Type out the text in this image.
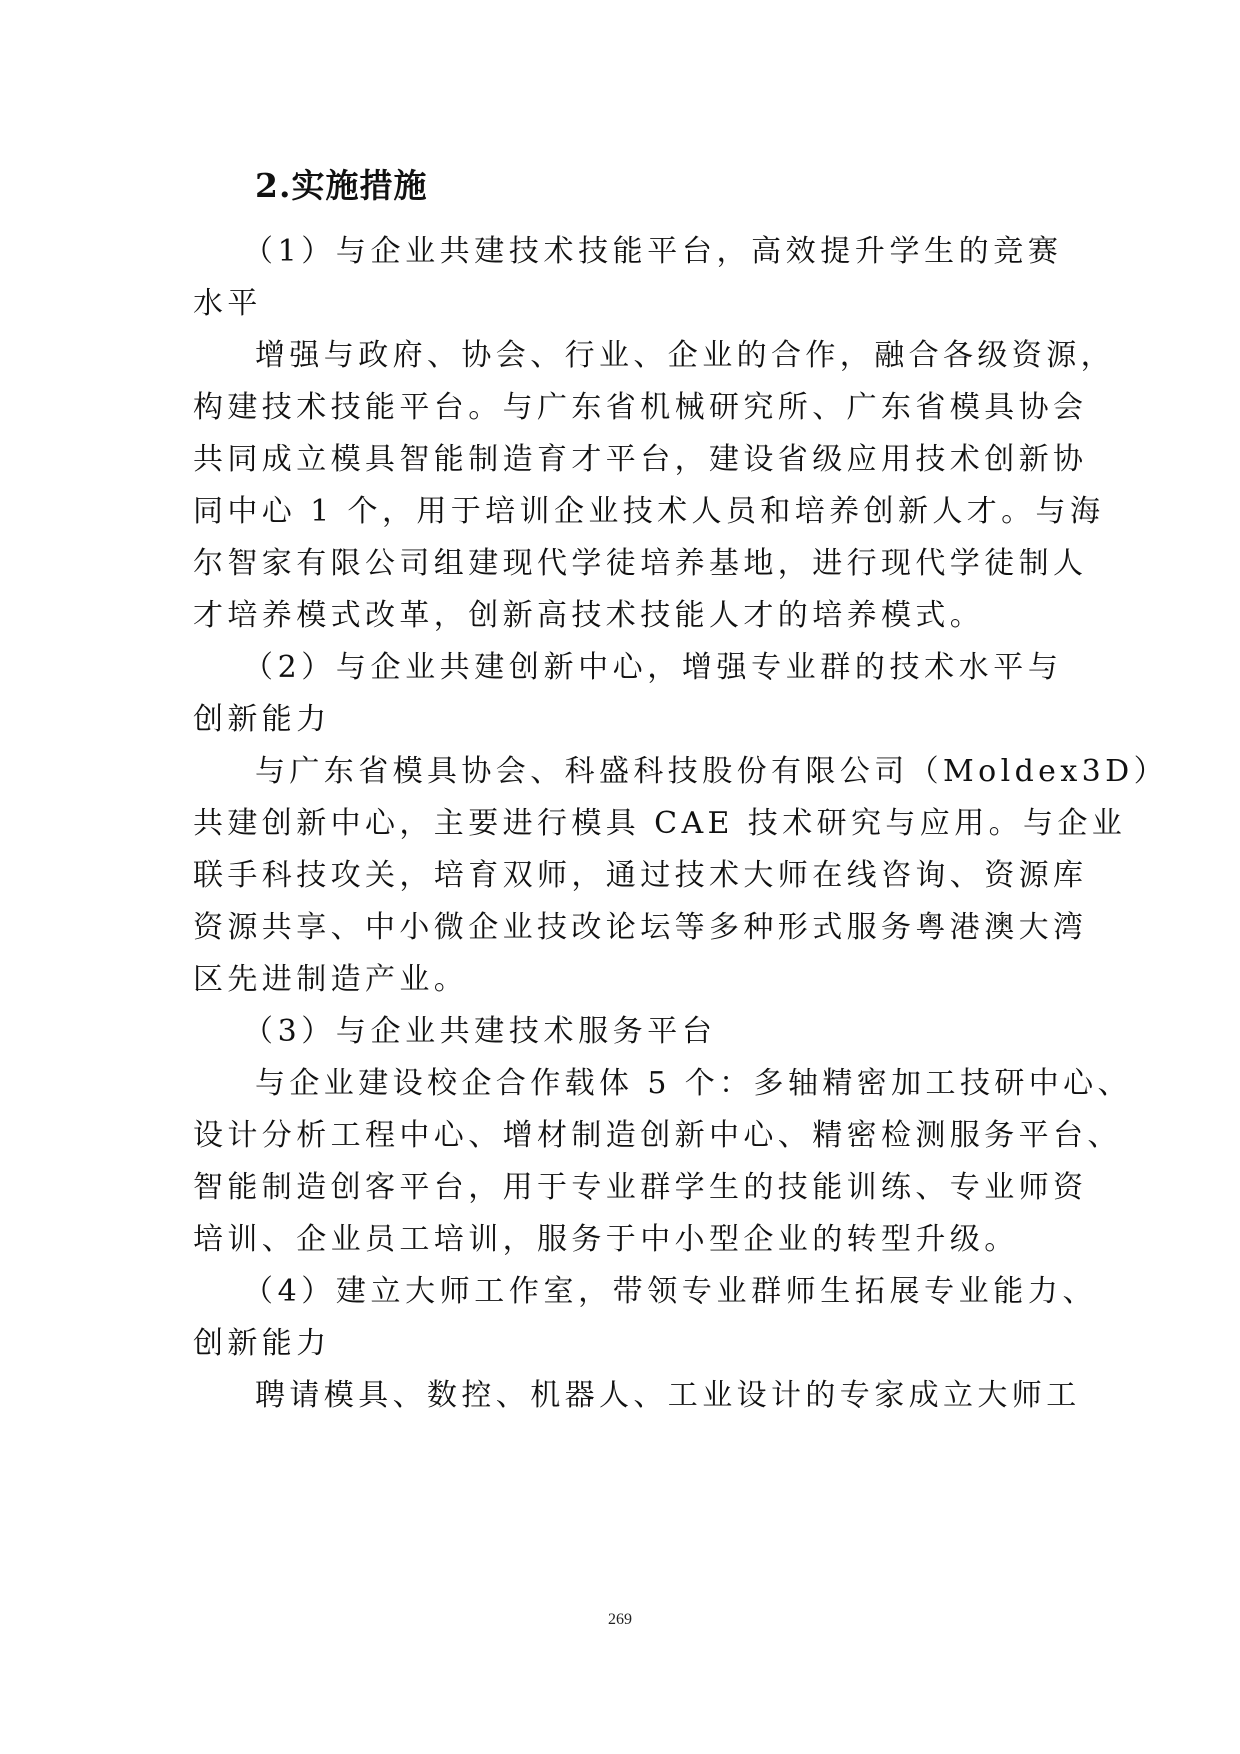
2.实施措施

（1）与企业共建技术技能平台，高效提升学生的竞赛

水平

增强与政府、协会、行业、企业的合作，融合各级资源，

构建技术技能平台。与广东省机械研究所、广东省模具协会

共同成立模具智能制造育才平台，建设省级应用技术创新协

同中心 1 个，用于培训企业技术人员和培养创新人才。与海

尔智家有限公司组建现代学徒培养基地，进行现代学徒制人

才培养模式改革，创新高技术技能人才的培养模式。

（2）与企业共建创新中心，增强专业群的技术水平与

创新能力

与广东省模具协会、科盛科技股份有限公司（Moldex3D）

共建创新中心，主要进行模具 CAE 技术研究与应用。与企业

联手科技攻关，培育双师，通过技术大师在线咨询、资源库

资源共享、中小微企业技改论坛等多种形式服务粤港澳大湾

区先进制造产业。

（3）与企业共建技术服务平台

与企业建设校企合作载体 5 个：多轴精密加工技研中心、

设计分析工程中心、增材制造创新中心、精密检测服务平台、

智能制造创客平台，用于专业群学生的技能训练、专业师资

培训、企业员工培训，服务于中小型企业的转型升级。

（4）建立大师工作室，带领专业群师生拓展专业能力、

创新能力

聘请模具、数控、机器人、工业设计的专家成立大师工

269
